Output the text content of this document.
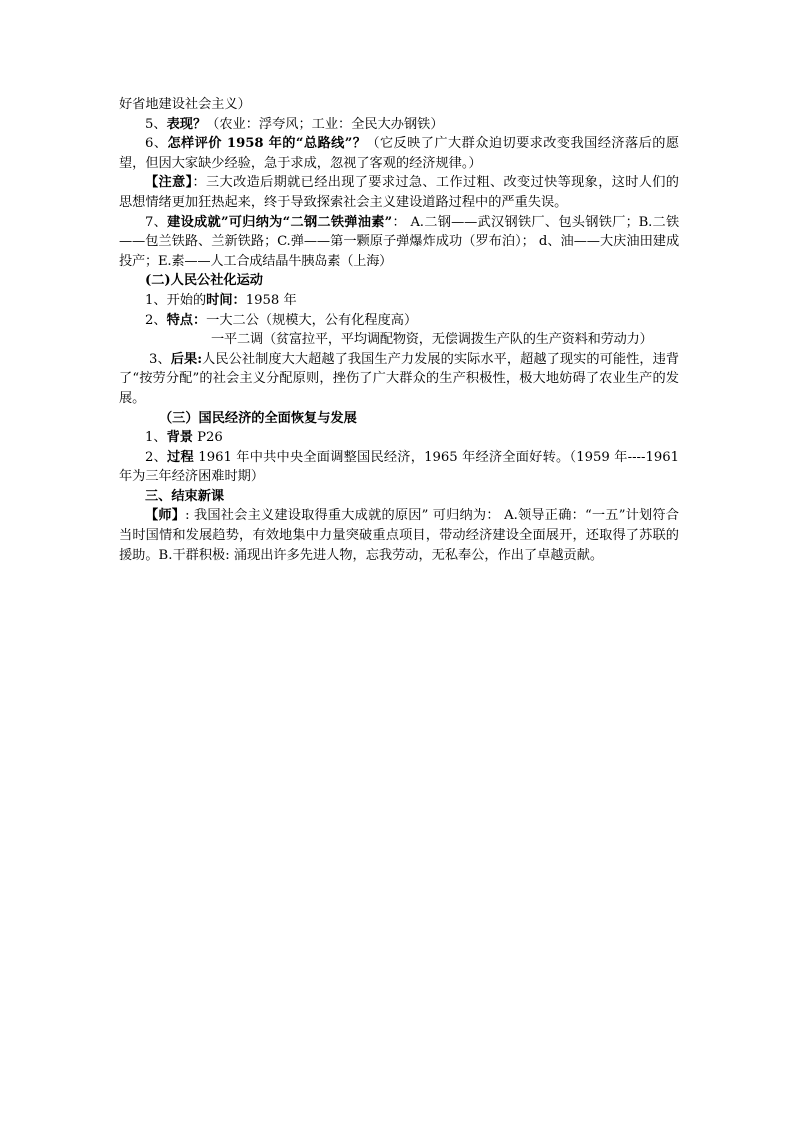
好省地建设社会主义）

5、表现？（农业：浮夸风；工业：全民大办钢铁）

6、怎样评价 1958 年的“总路线”？（它反映了广大群众迫切要求改变我国经济落后的愿望，但因大家缺少经验，急于求成，忽视了客观的经济规律。）

【注意】：三大改造后期就已经出现了要求过急、工作过粗、改变过快等现象，这时人们的思想情绪更加狂热起来，终于导致探索社会主义建设道路过程中的严重失误。

7、建设成就”可归纳为“二钢二铁弹油素”： A.二钢——武汉钢铁厂、包头钢铁厂；B.二铁——包兰铁路、兰新铁路；C.弹——第一颗原子弹爆炸成功（罗布泊）； d、油——大庆油田建成投产；E.素——人工合成结晶牛胰岛素（上海）

(二)人民公社化运动

1、开始的时间：1958 年

2、特点：一大二公（规模大，公有化程度高）

一平二调（贫富拉平，平均调配物资，无偿调拨生产队的生产资料和劳动力）

3、后果:人民公社制度大大超越了我国生产力发展的实际水平，超越了现实的可能性，违背了“按劳分配”的社会主义分配原则，挫伤了广大群众的生产积极性，极大地妨碍了农业生产的发展。

（三）国民经济的全面恢复与发展

1、背景 P26

2、过程 1961 年中共中央全面调整国民经济，1965 年经济全面好转。（1959 年----1961 年为三年经济困难时期）

三、结束新课

【师】: 我国社会主义建设取得重大成就的原因” 可归纳为： A.领导正确：“一五”计划符合当时国情和发展趋势，有效地集中力量突破重点项目，带动经济建设全面展开，还取得了苏联的援助。B.干群积极: 涌现出许多先进人物，忘我劳动，无私奉公，作出了卓越贡献。
